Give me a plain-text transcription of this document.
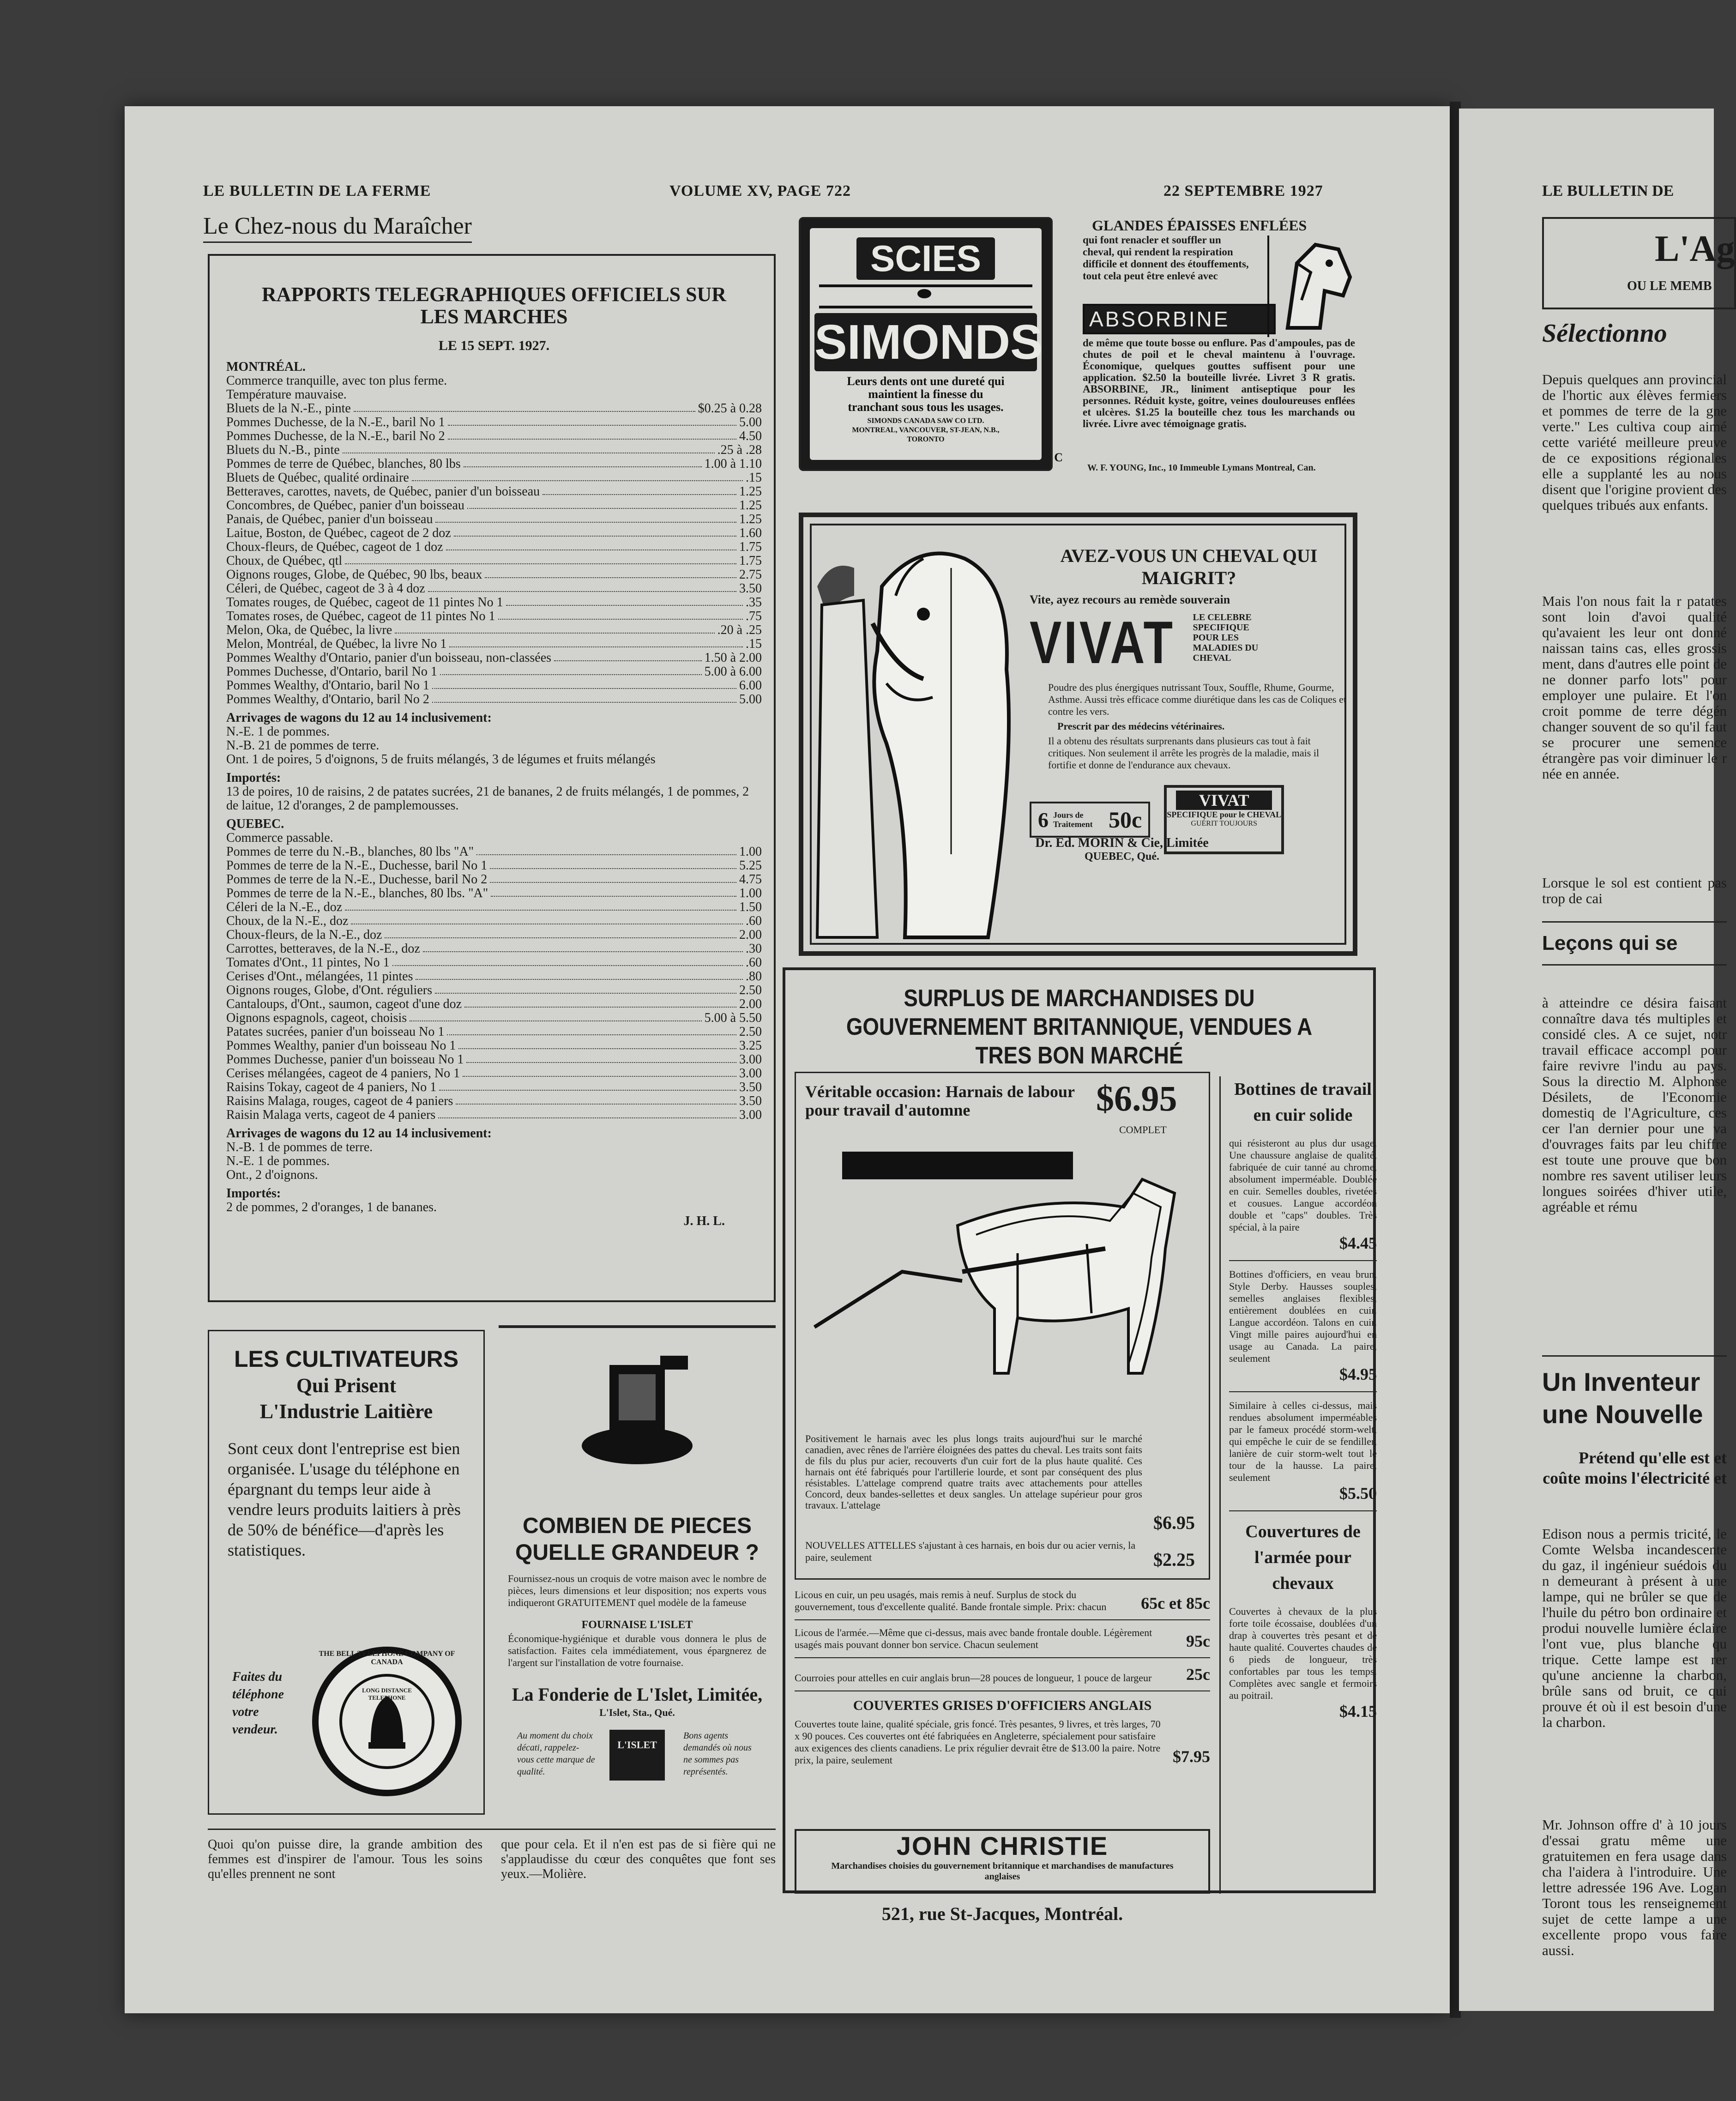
LE BULLETIN DE LA FERME	VOLUME XV, PAGE 722	22 SEPTEMBRE 1927
Le Chez-nous du Maraîcher
RAPPORTS TELEGRAPHIQUES OFFICIELS SUR LES MARCHES
LE 15 SEPT. 1927.
MONTRÉAL.
Commerce tranquille, avec ton plus ferme.
Température mauvaise.
Bluets de la N.-E., pinte	$0.25 à 0.28
Pommes Duchesse, de la N.-E., baril No 1	5.00
Pommes Duchesse, de la N.-E., baril No 2	4.50
Bluets du N.-B., pinte	.25 à .28
Pommes de terre de Québec, blanches, 80 lbs	1.00 à 1.10
Bluets de Québec, qualité ordinaire	.15
Betteraves, carottes, navets, de Québec, panier d'un boisseau	1.25
Concombres, de Québec, panier d'un boisseau	1.25
Panais, de Québec, panier d'un boisseau	1.25
Laitue, Boston, de Québec, cageot de 2 doz	1.60
Choux-fleurs, de Québec, cageot de 1 doz	1.75
Choux, de Québec, qtl	1.75
Oignons rouges, Globe, de Québec, 90 lbs, beaux	2.75
Céleri, de Québec, cageot de 3 à 4 doz	3.50
Tomates rouges, de Québec, cageot de 11 pintes No 1	.35
Tomates roses, de Québec, cageot de 11 pintes No 1	.75
Melon, Oka, de Québec, la livre	.20 à .25
Melon, Montréal, de Québec, la livre No 1	.15
Pommes Wealthy d'Ontario, panier d'un boisseau, non-classées	1.50 à 2.00
Pommes Duchesse, d'Ontario, baril No 1	5.00 à 6.00
Pommes Wealthy, d'Ontario, baril No 1	6.00
Pommes Wealthy, d'Ontario, baril No 2	5.00
Arrivages de wagons du 12 au 14 inclusivement:
N.-E. 1 de pommes.
N.-B. 21 de pommes de terre.
Ont. 1 de poires, 5 d'oignons, 5 de fruits mélangés, 3 de légumes et fruits mélangés
Importés:
13 de poires, 10 de raisins, 2 de patates sucrées, 21 de bananes, 2 de fruits mélangés, 1 de pommes, 2 de laitue, 12 d'oranges, 2 de pamplemousses.
QUEBEC.
Commerce passable.
Pommes de terre du N.-B., blanches, 80 lbs "A"	1.00
Pommes de terre de la N.-E., Duchesse, baril No 1	5.25
Pommes de terre de la N.-E., Duchesse, baril No 2	4.75
Pommes de terre de la N.-E., blanches, 80 lbs. "A"	1.00
Céleri de la N.-E., doz	1.50
Choux, de la N.-E., doz	.60
Choux-fleurs, de la N.-E., doz	2.00
Carrottes, betteraves, de la N.-E., doz	.30
Tomates d'Ont., 11 pintes, No 1	.60
Cerises d'Ont., mélangées, 11 pintes	.80
Oignons rouges, Globe, d'Ont. réguliers	2.50
Cantaloups, d'Ont., saumon, cageot d'une doz	2.00
Oignons espagnols, cageot, choisis	5.00 à 5.50
Patates sucrées, panier d'un boisseau No 1	2.50
Pommes Wealthy, panier d'un boisseau No 1	3.25
Pommes Duchesse, panier d'un boisseau No 1	3.00
Cerises mélangées, cageot de 4 paniers, No 1	3.00
Raisins Tokay, cageot de 4 paniers, No 1	3.50
Raisins Malaga, rouges, cageot de 4 paniers	3.50
Raisin Malaga verts, cageot de 4 paniers	3.00
Arrivages de wagons du 12 au 14 inclusivement:
N.-B. 1 de pommes de terre.
N.-E. 1 de pommes.
Ont., 2 d'oignons.
Importés:
2 de pommes, 2 d'oranges, 1 de bananes.
J. H. L.
SCIES
SIMONDS
Leurs dents ont une dureté qui maintient la finesse du tranchant sous tous les usages.
SIMONDS CANADA SAW CO LTD. MONTREAL, VANCOUVER, ST-JEAN, N.B., TORONTO
C
GLANDES ÉPAISSES ENFLÉES
qui font renacler et souffler un cheval, qui rendent la respiration difficile et donnent des étouffements, tout cela peut être enlevé avec
ABSORBINE
de même que toute bosse ou enflure. Pas d'ampoules, pas de chutes de poil et le cheval maintenu à l'ouvrage. Économique, quelques gouttes suffisent pour une application. $2.50 la bouteille livrée. Livret 3 R gratis. ABSORBINE, JR., liniment antiseptique pour les personnes. Réduit kyste, goitre, veines douloureuses enflées et ulcères. $1.25 la bouteille chez tous les marchands ou livrée. Livre avec témoignage gratis.
W. F. YOUNG, Inc., 10 Immeuble Lymans Montreal, Can.
AVEZ-VOUS UN CHEVAL QUI MAIGRIT?
Vite, ayez recours au remède souverain
VIVAT LE CELEBRE SPECIFIQUE POUR LES MALADIES DU CHEVAL
Poudre des plus énergiques nutrissant Toux, Souffle, Rhume, Gourme, Asthme. Aussi très efficace comme diurétique dans les cas de Coliques et contre les vers.
Prescrit par des médecins vétérinaires.
Il a obtenu des résultats surprenants dans plusieurs cas tout à fait critiques. Non seulement il arrête les progrès de la maladie, mais il fortifie et donne de l'endurance aux chevaux.
6 Jours de Traitement 50c
VIVAT
SPECIFIQUE pour le CHEVAL
GUÉRIT TOUJOURS
Dr. Ed. MORIN & Cie, Limitée
QUEBEC, Qué.
SURPLUS DE MARCHANDISES DU GOUVERNEMENT BRITANNIQUE, VENDUES A TRES BON MARCHÉ
Véritable occasion: Harnais de labour pour travail d'automne	$6.95
COMPLET
Positivement le harnais avec les plus longs traits aujourd'hui sur le marché canadien, avec rênes de l'arrière éloignées des pattes du cheval. Les traits sont faits de fils du plus pur acier, recouverts d'un cuir fort de la plus haute qualité. Ces harnais ont été fabriqués pour l'artillerie lourde, et sont par conséquent des plus résistables. L'attelage comprend quatre traits avec attachements pour attelles Concord, deux bandes-sellettes et deux sangles. Un attelage supérieur pour gros travaux. L'attelage
$6.95
NOUVELLES ATTELLES s'ajustant à ces harnais, en bois dur ou acier vernis, la paire, seulement	$2.25
Licous en cuir, un peu usagés, mais remis à neuf. Surplus de stock du gouvernement, tous d'excellente qualité. Bande frontale simple. Prix: chacun	65c et 85c
Licous de l'armée.—Même que ci-dessus, mais avec bande frontale double. Légèrement usagés mais pouvant donner bon service. Chacun seulement	95c
Courroies pour attelles en cuir anglais brun—28 pouces de longueur, 1 pouce de largeur	25c
COUVERTES GRISES D'OFFICIERS ANGLAIS
Couvertes toute laine, qualité spéciale, gris foncé. Très pesantes, 9 livres, et très larges, 70 x 90 pouces. Ces couvertes ont été fabriquées en Angleterre, spécialement pour satisfaire aux exigences des clients canadiens. Le prix régulier devrait être de $13.00 la paire. Notre prix, la paire, seulement	$7.95
JOHN CHRISTIE
Marchandises choisies du gouvernement britannique et marchandises de manufactures anglaises
521, rue St-Jacques, Montréal.
Bottines de travail en cuir solide
qui résisteront au plus dur usage. Une chaussure anglaise de qualité, fabriquée de cuir tanné au chrome, absolument imperméable. Doublée en cuir. Semelles doubles, rivetées et cousues. Langue accordéon double et "caps" doubles. Très spécial, à la paire
$4.45
Bottines d'officiers, en veau brun, Style Derby. Hausses souples, semelles anglaises flexibles, entièrement doublées en cuir. Langue accordéon. Talons en cuir. Vingt mille paires aujourd'hui en usage au Canada. La paire, seulement
$4.95
Similaire à celles ci-dessus, mais rendues absolument imperméables par le fameux procédé storm-welt, qui empêche le cuir de se fendiller, lanière de cuir storm-welt tout le tour de la hausse. La paire, seulement
$5.50
Couvertures de l'armée pour chevaux
Couvertes à chevaux de la plus forte toile écossaise, doublées d'un drap à couvertes très pesant et de haute qualité. Couvertes chaudes de 6 pieds de longueur, très confortables par tous les temps. Complètes avec sangle et fermoirs au poitrail.
$4.15
LES CULTIVATEURS
Qui Prisent
L'Industrie Laitière
Sont ceux dont l'entreprise est bien organisée. L'usage du téléphone en épargnant du temps leur aide à vendre leurs produits laitiers à près de 50% de bénéfice—d'après les statistiques.
Faites du téléphone votre vendeur.
THE BELL TELEPHONE COMPANY OF CANADA
LONG DISTANCE TELEPHONE
COMBIEN DE PIECES
QUELLE GRANDEUR ?
Fournissez-nous un croquis de votre maison avec le nombre de pièces, leurs dimensions et leur disposition; nos experts vous indiqueront GRATUITEMENT quel modèle de la fameuse
FOURNAISE L'ISLET
Économique-hygiénique et durable vous donnera le plus de satisfaction. Faites cela immédiatement, vous épargnerez de l'argent sur l'installation de votre fournaise.
La Fonderie de L'Islet, Limitée,
L'Islet, Sta., Qué.
Au moment du choix décati, rappelez-vous cette marque de qualité.
L'ISLET
Bons agents demandés où nous ne sommes pas représentés.
Quoi qu'on puisse dire, la grande ambition des femmes est d'inspirer de l'amour. Tous les soins qu'elles prennent ne sont
que pour cela. Et il n'en est pas de si fière qui ne s'applaudisse du cœur des conquêtes que font ses yeux.—Molière.
LE BULLETIN DE
L'Ag
OU LE MEMB
Sélectionno
Depuis quelques ann provincial de l'hortic aux élèves fermiers et pommes de terre de la gne verte." Les cultiva coup aimé cette variété meilleure preuve de ce expositions régionales elle a supplanté les au nous disent que l'origine provient des quelques tribués aux enfants.
Mais l'on nous fait la r patates sont loin d'avoi qualité qu'avaient les leur ont donné naissan tains cas, elles grossis ment, dans d'autres elle point de ne donner parfo lots" pour employer une pulaire. Et l'on croit pomme de terre dégén changer souvent de so qu'il faut se procurer une semence étrangère pas voir diminuer le r née en année.
Lorsque le sol est contient pas trop de cai
Leçons qui se
à atteindre ce désira faisant connaître dava tés multiples et considé cles. A ce sujet, notr travail efficace accompl pour faire revivre l'indu au pays. Sous la directio M. Alphonse Désilets, de l'Economie domestiq de l'Agriculture, ces cer l'an dernier pour une va d'ouvrages faits par leu chiffre est toute une prouve que bon nombre res savent utiliser leurs longues soirées d'hiver utile, agréable et rému
Un Inventeur
une Nouvelle
Prétend qu'elle est et coûte moins l'électricité et
Edison nous a permis tricité, le Comte Welsba incandescente du gaz, il ingénieur suédois du n demeurant à présent à une lampe, qui ne brûler se que de l'huile du pétro bon ordinaire et produi nouvelle lumière éclaire l'ont vue, plus blanche qu trique. Cette lampe est rer qu'une ancienne la charbon, brûle sans od bruit, ce qui prouve ét où il est besoin d'une la charbon.
Mr. Johnson offre d' à 10 jours d'essai gratu même une gratuitemen en fera usage dans cha l'aidera à l'introduire. Une lettre adressée 196 Ave. Logan Toront tous les renseignement sujet de cette lampe a une excellente propo vous faire aussi.
